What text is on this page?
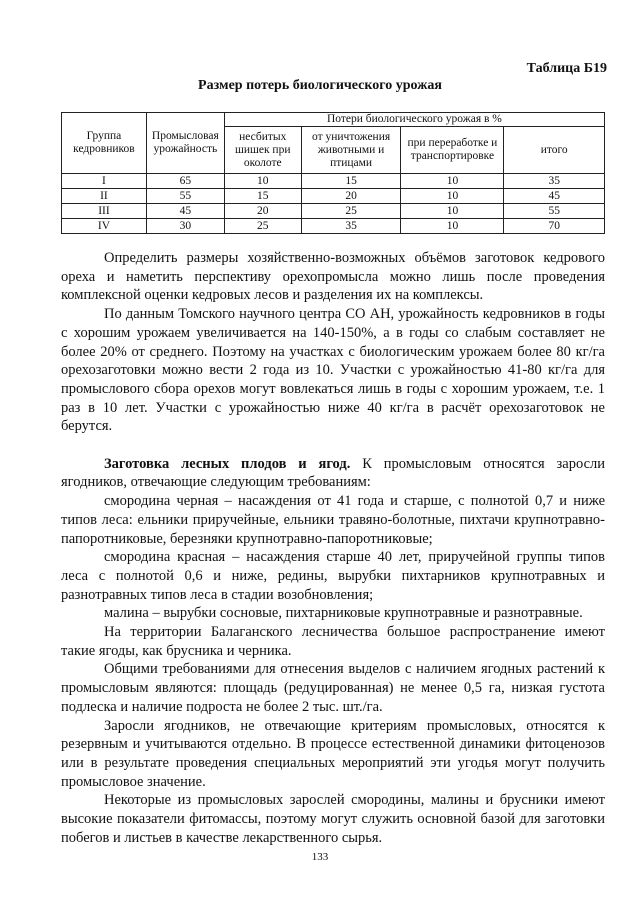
Таблица Б19
Размер потерь биологического урожая
Группа кедровников	Промысловая урожайность	Потери биологического урожая в %			
		несбитых шишек при околоте	от уничтожения животными и птицами	при переработке и транспортировке	итого
I	65	10	15	10	35
II	55	15	20	10	45
III	45	20	25	10	55
IV	30	25	35	10	70

Определить размеры хозяйственно-возможных объёмов заготовок кедрового ореха и наметить перспективу орехопромысла можно лишь после проведения комплексной оценки кедровых лесов и разделения их на комплексы.

По данным Томского научного центра СО АН, урожайность кедровников в годы с хорошим урожаем увеличивается на 140-150%, а в годы со слабым составляет не более 20% от среднего. Поэтому на участках с биологическим урожаем более 80 кг/га орехозаготовки можно вести 2 года из 10. Участки с урожайностью 41-80 кг/га для промыслового сбора орехов могут вовлекаться лишь в годы с хорошим урожаем, т.е. 1 раз в 10 лет. Участки с урожайностью ниже 40 кг/га в расчёт орехозаготовок не берутся.

Заготовка лесных плодов и ягод. К промысловым относятся заросли ягодников, отвечающие следующим требованиям:

смородина черная – насаждения от 41 года и старше, с полнотой 0,7 и ниже типов леса: ельники приручейные, ельники травяно-болотные, пихтачи крупнотравно-папоротниковые, березняки крупнотравно-папоротниковые;

смородина красная – насаждения старше 40 лет, приручейной группы типов леса с полнотой 0,6 и ниже, редины, вырубки пихтарников крупнотравных и разнотравных типов леса в стадии возобновления;

малина – вырубки сосновые, пихтарниковые крупнотравные и разнотравные.

На территории Балаганского лесничества большое распространение имеют такие ягоды, как брусника и черника.

Общими требованиями для отнесения выделов с наличием ягодных растений к промысловым являются: площадь (редуцированная) не менее 0,5 га, низкая густота подлеска и наличие подроста не более 2 тыс. шт./га.

Заросли ягодников, не отвечающие критериям промысловых, относятся к резервным и учитываются отдельно. В процессе естественной динамики фитоценозов или в результате проведения специальных мероприятий эти угодья могут получить промысловое значение.

Некоторые из промысловых зарослей смородины, малины и брусники имеют высокие показатели фитомассы, поэтому могут служить основной базой для заготовки побегов и листьев в качестве лекарственного сырья.

133
